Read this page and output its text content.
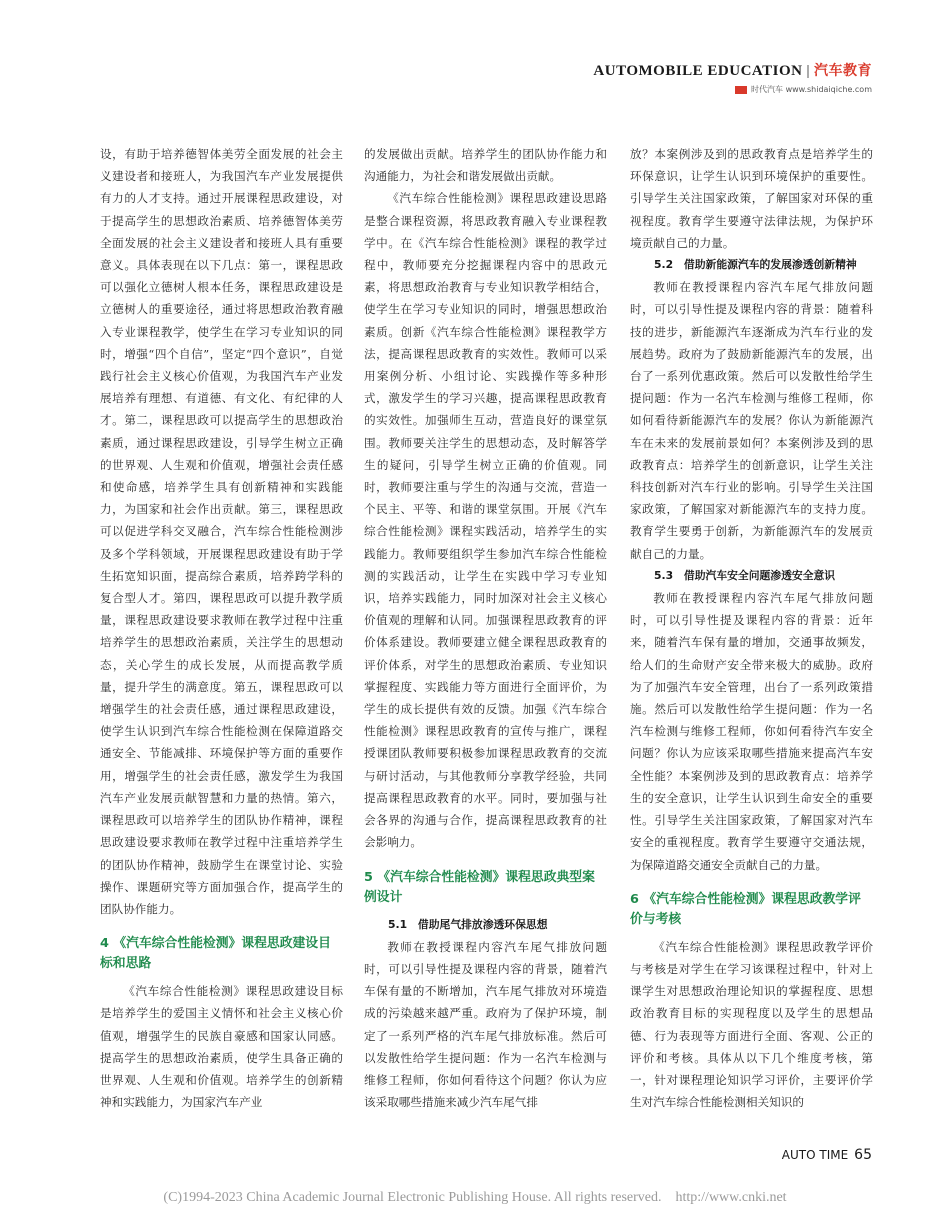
AUTOMOBILE EDUCATION | 汽车教育
时代汽车 www.shidaiqiche.com

设，有助于培养德智体美劳全面发展的社会主义建设者和接班人，为我国汽车产业发展提供有力的人才支持。通过开展课程思政建设，对于提高学生的思想政治素质、培养德智体美劳全面发展的社会主义建设者和接班人具有重要意义。具体表现在以下几点：第一，课程思政可以强化立德树人根本任务，课程思政建设是立德树人的重要途径，通过将思想政治教育融入专业课程教学，使学生在学习专业知识的同时，增强“四个自信”，坚定“四个意识”，自觉践行社会主义核心价值观，为我国汽车产业发展培养有理想、有道德、有文化、有纪律的人才。第二，课程思政可以提高学生的思想政治素质，通过课程思政建设，引导学生树立正确的世界观、人生观和价值观，增强社会责任感和使命感，培养学生具有创新精神和实践能力，为国家和社会作出贡献。第三，课程思政可以促进学科交叉融合，汽车综合性能检测涉及多个学科领域，开展课程思政建设有助于学生拓宽知识面，提高综合素质，培养跨学科的复合型人才。第四，课程思政可以提升教学质量，课程思政建设要求教师在教学过程中注重培养学生的思想政治素质，关注学生的思想动态，关心学生的成长发展，从而提高教学质量，提升学生的满意度。第五，课程思政可以增强学生的社会责任感，通过课程思政建设，使学生认识到汽车综合性能检测在保障道路交通安全、节能减排、环境保护等方面的重要作用，增强学生的社会责任感，激发学生为我国汽车产业发展贡献智慧和力量的热情。第六，课程思政可以培养学生的团队协作精神，课程思政建设要求教师在教学过程中注重培养学生的团队协作精神，鼓励学生在课堂讨论、实验操作、课题研究等方面加强合作，提高学生的团队协作能力。

4 《汽车综合性能检测》课程思政建设目标和思路

《汽车综合性能检测》课程思政建设目标是培养学生的爱国主义情怀和社会主义核心价值观，增强学生的民族自豪感和国家认同感。提高学生的思想政治素质，使学生具备正确的世界观、人生观和价值观。培养学生的创新精神和实践能力，为国家汽车产业

的发展做出贡献。培养学生的团队协作能力和沟通能力，为社会和谐发展做出贡献。

《汽车综合性能检测》课程思政建设思路是整合课程资源，将思政教育融入专业课程教学中。在《汽车综合性能检测》课程的教学过程中，教师要充分挖掘课程内容中的思政元素，将思想政治教育与专业知识教学相结合，使学生在学习专业知识的同时，增强思想政治素质。创新《汽车综合性能检测》课程教学方法，提高课程思政教育的实效性。教师可以采用案例分析、小组讨论、实践操作等多种形式，激发学生的学习兴趣，提高课程思政教育的实效性。加强师生互动，营造良好的课堂氛围。教师要关注学生的思想动态，及时解答学生的疑问，引导学生树立正确的价值观。同时，教师要注重与学生的沟通与交流，营造一个民主、平等、和谐的课堂氛围。开展《汽车综合性能检测》课程实践活动，培养学生的实践能力。教师要组织学生参加汽车综合性能检测的实践活动，让学生在实践中学习专业知识，培养实践能力，同时加深对社会主义核心价值观的理解和认同。加强课程思政教育的评价体系建设。教师要建立健全课程思政教育的评价体系，对学生的思想政治素质、专业知识掌握程度、实践能力等方面进行全面评价，为学生的成长提供有效的反馈。加强《汽车综合性能检测》课程思政教育的宣传与推广，课程授课团队教师要积极参加课程思政教育的交流与研讨活动，与其他教师分享教学经验，共同提高课程思政教育的水平。同时，要加强与社会各界的沟通与合作，提高课程思政教育的社会影响力。

5 《汽车综合性能检测》课程思政典型案例设计
5.1　借助尾气排放渗透环保思想

教师在教授课程内容汽车尾气排放问题时，可以引导性提及课程内容的背景，随着汽车保有量的不断增加，汽车尾气排放对环境造成的污染越来越严重。政府为了保护环境，制定了一系列严格的汽车尾气排放标准。然后可以发散性给学生提问题：作为一名汽车检测与维修工程师，你如何看待这个问题？你认为应该采取哪些措施来减少汽车尾气排

放？本案例涉及到的思政教育点是培养学生的环保意识，让学生认识到环境保护的重要性。引导学生关注国家政策，了解国家对环保的重视程度。教育学生要遵守法律法规，为保护环境贡献自己的力量。

5.2　借助新能源汽车的发展渗透创新精神

教师在教授课程内容汽车尾气排放问题时，可以引导性提及课程内容的背景：随着科技的进步，新能源汽车逐渐成为汽车行业的发展趋势。政府为了鼓励新能源汽车的发展，出台了一系列优惠政策。然后可以发散性给学生提问题：作为一名汽车检测与维修工程师，你如何看待新能源汽车的发展？你认为新能源汽车在未来的发展前景如何？本案例涉及到的思政教育点：培养学生的创新意识，让学生关注科技创新对汽车行业的影响。引导学生关注国家政策，了解国家对新能源汽车的支持力度。教育学生要勇于创新，为新能源汽车的发展贡献自己的力量。

5.3　借助汽车安全问题渗透安全意识

教师在教授课程内容汽车尾气排放问题时，可以引导性提及课程内容的背景：近年来，随着汽车保有量的增加，交通事故频发，给人们的生命财产安全带来极大的威胁。政府为了加强汽车安全管理，出台了一系列政策措施。然后可以发散性给学生提问题：作为一名汽车检测与维修工程师，你如何看待汽车安全问题？你认为应该采取哪些措施来提高汽车安全性能？本案例涉及到的思政教育点：培养学生的安全意识，让学生认识到生命安全的重要性。引导学生关注国家政策，了解国家对汽车安全的重视程度。教育学生要遵守交通法规，为保障道路交通安全贡献自己的力量。

6 《汽车综合性能检测》课程思政教学评价与考核

《汽车综合性能检测》课程思政教学评价与考核是对学生在学习该课程过程中，针对上课学生对思想政治理论知识的掌握程度、思想政治教育目标的实现程度以及学生的思想品德、行为表现等方面进行全面、客观、公正的评价和考核。具体从以下几个维度考核，第一，针对课程理论知识学习评价，主要评价学生对汽车综合性能检测相关知识的

AUTO TIME 65
(C)1994-2023 China Academic Journal Electronic Publishing House. All rights reserved.　http://www.cnki.net
